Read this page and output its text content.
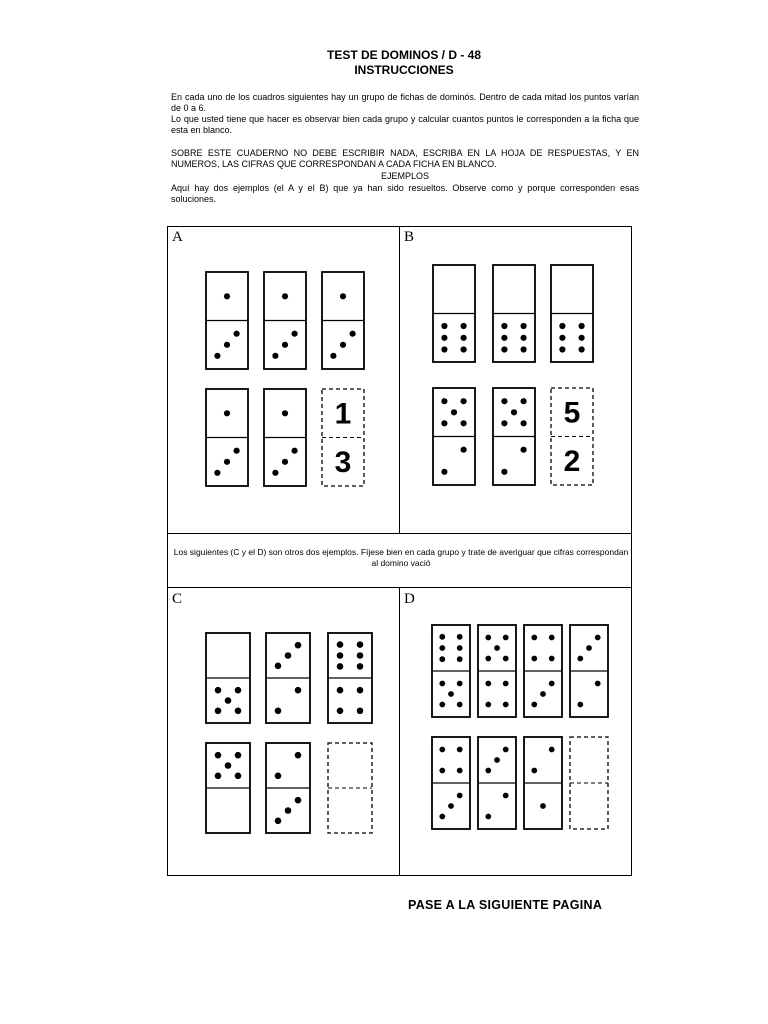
TEST DE DOMINOS / D - 48
INSTRUCCIONES
En cada uno de los cuadros siguientes hay un grupo de fichas de dominós. Dentro de cada mitad los puntos varían de 0 a 6.
Lo que usted tiene que hacer es observar bien cada grupo y calcular cuantos puntos le corresponden a la ficha que esta en blanco.
SOBRE ESTE CUADERNO NO DEBE ESCRIBIR NADA, ESCRIBA EN LA HOJA DE RESPUESTAS, Y EN NUMEROS, LAS CIFRAS QUE CORRESPONDAN A CADA FICHA EN BLANCO.
EJEMPLOS
Aquí hay dos ejemplos (el A y el B) que ya han sido resueltos. Observe como y porque corresponden esas soluciones.
A	B
C	D
Los siguientes (C y el D) son otros dos ejemplos. Fíjese bien en cada grupo y trate de averiguar que cifras correspondan al domino vació
1
3
5
2
PASE A LA SIGUIENTE PAGINA
